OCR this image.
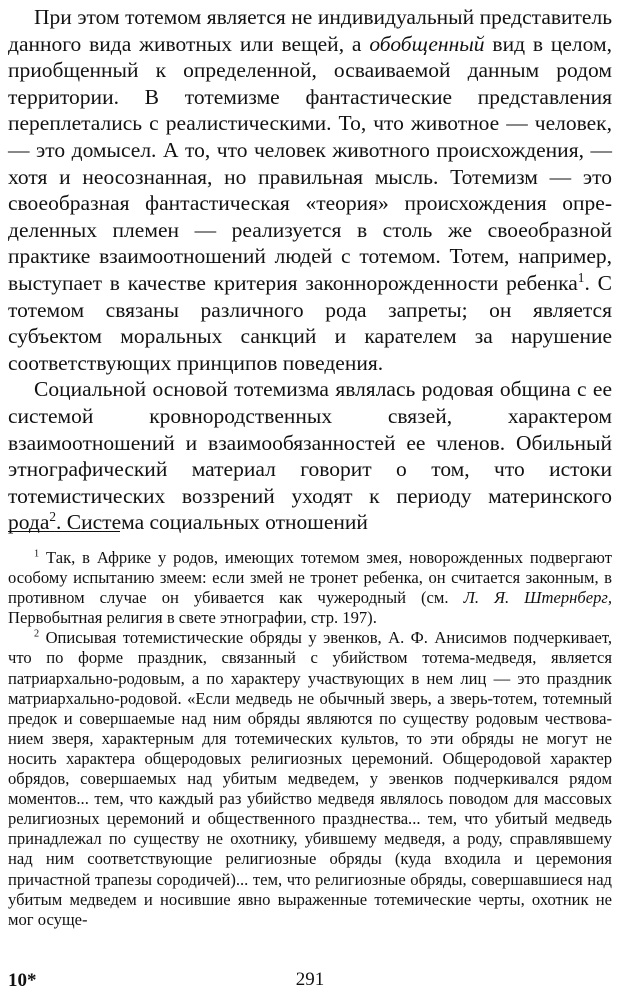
При этом тотемом является не индивидуальный представитель данного вида животных или вещей, а обобщенный вид в целом, приобщенный к определенной, осваиваемой данным родом территории. В тотемизме фантастические представления переплетались с реалистическими. То, что животное — человек, — это домысел. А то, что человек животного происхождения, — хотя и неосознанная, но правильная мысль. Тотемизм — это своеобразная фантастическая «теория» происхождения определенных племен — реализуется в столь же своеобразной практике взаимоотношений людей с тотемом. Тотем, например, выступает в качестве критерия законнорожденности ребенка$^1$. С тотемом связаны различного рода запреты; он является субъектом моральных санкций и карателем за нарушение соответствующих принципов поведения.

Социальной основой тотемизма являлась родовая община с ее системой кровнородственных связей, характером взаимоотношений и взаимообязанностей ее членов. Обильный этнографический материал говорит о том, что истоки тотемистических воззрений уходят к периоду материнского рода$^2$. Система социальных отношений

$^1$ Так, в Африке у родов, имеющих тотемом змея, новорожденных подвергают особому испытанию змеем: если змей не тронет ребенка, он считается законным, в противном случае он убивается как чужеродный (см. Л. Я. Штернберг, Первобытная религия в свете этнографии, стр. 197).

$^2$ Описывая тотемистические обряды у эвенков, А. Ф. Анисимов подчеркивает, что по форме праздник, связанный с убийством тотема-медведя, является патриархально-родовым, а по характеру участвующих в нем лиц — это праздник матриархально-родовой. «Если медведь не обычный зверь, а зверь-тотем, тотемный предок и совершаемые над ним обряды являются по существу родовым чествованием зверя, характерным для тотемических культов, то эти обряды не могут не носить характера общеродовых религиозных церемоний. Общеродовой характер обрядов, совершаемых над убитым медведем, у эвенков подчеркивался рядом моментов... тем, что каждый раз убийство медведя являлось поводом для массовых религиозных церемоний и общественного празднества... тем, что убитый медведь принадлежал по существу не охотнику, убившему медведя, а роду, справлявшему над ним соответствующие религиозные обряды (куда входила и церемония причастной трапезы сородичей)... тем, что религиозные обряды, совершавшиеся над убитым медведем и носившие явно выраженные тотемические черты, охотник не мог осуще-

10*	291
